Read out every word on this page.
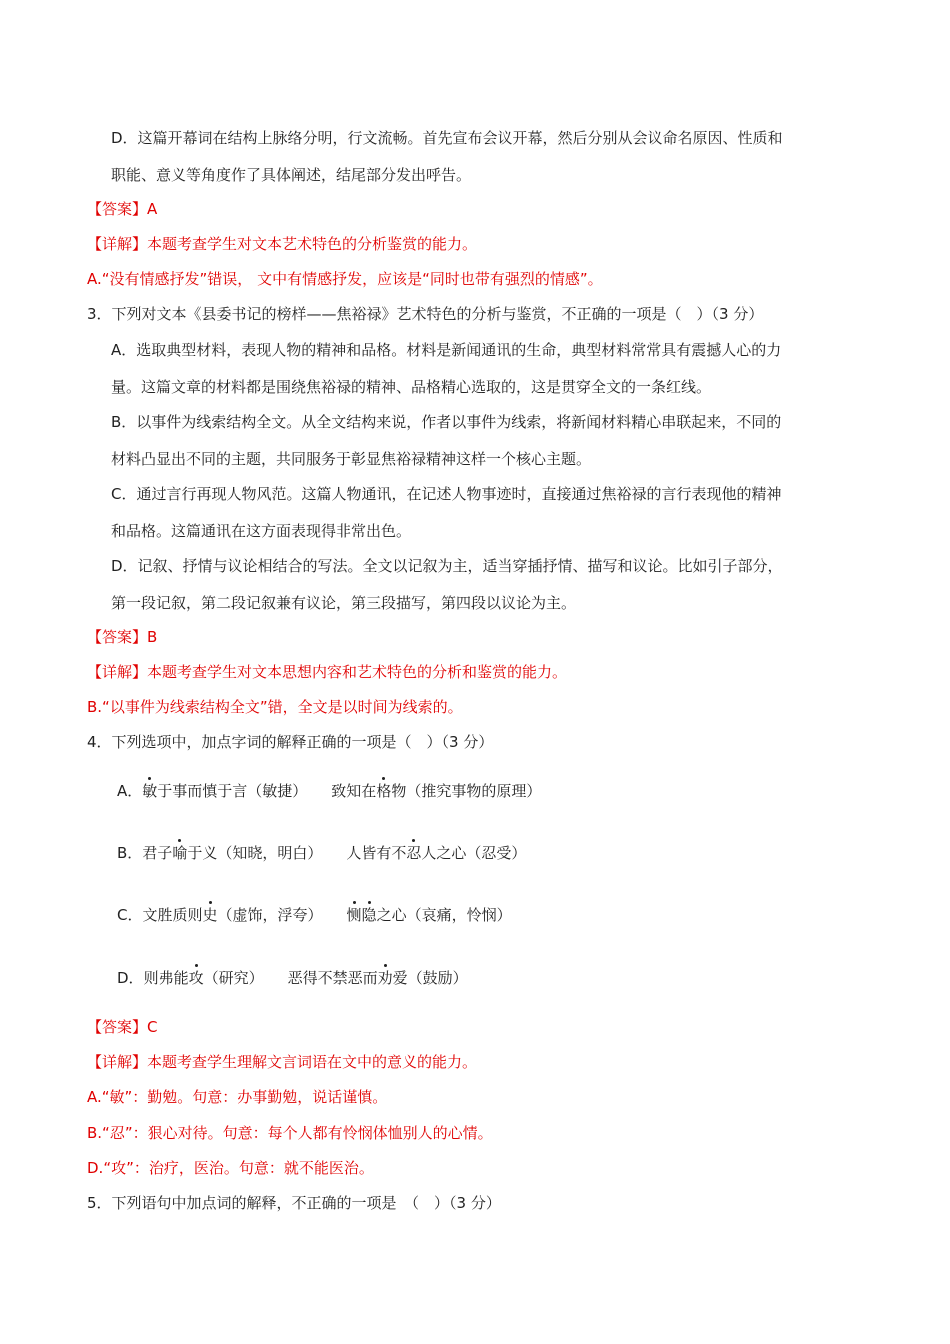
D．这篇开幕词在结构上脉络分明，行文流畅。首先宣布会议开幕，然后分别从会议命名原因、性质和
职能、意义等角度作了具体阐述，结尾部分发出呼告。
【答案】A
【详解】本题考查学生对文本艺术特色的分析鉴赏的能力。
A.“没有情感抒发”错误， 文中有情感抒发，应该是“同时也带有强烈的情感”。
3．下列对文本《县委书记的榜样——焦裕禄》艺术特色的分析与鉴赏，不正确的一项是（　）（3 分）
A．选取典型材料，表现人物的精神和品格。材料是新闻通讯的生命，典型材料常常具有震撼人心的力
量。这篇文章的材料都是围绕焦裕禄的精神、品格精心选取的，这是贯穿全文的一条红线。
B．以事件为线索结构全文。从全文结构来说，作者以事件为线索，将新闻材料精心串联起来，不同的
材料凸显出不同的主题，共同服务于彰显焦裕禄精神这样一个核心主题。
C．通过言行再现人物风范。这篇人物通讯，在记述人物事迹时，直接通过焦裕禄的言行表现他的精神
和品格。这篇通讯在这方面表现得非常出色。
D．记叙、抒情与议论相结合的写法。全文以记叙为主，适当穿插抒情、描写和议论。比如引子部分，
第一段记叙，第二段记叙兼有议论，第三段描写，第四段以议论为主。
【答案】B
【详解】本题考查学生对文本思想内容和艺术特色的分析和鉴赏的能力。
B.“以事件为线索结构全文”错，全文是以时间为线索的。
4．下列选项中，加点字词的解释正确的一项是（　）（3 分）
A．敏于事而慎于言（敏捷） 致知在格物（推究事物的原理）
B．君子喻于义（知晓，明白） 人皆有不忍人之心（忍受）
C．文胜质则史（虚饰，浮夸） 恻隐之心（哀痛，怜悯）
D．则弗能攻（研究） 恶得不禁恶而劝爱（鼓励）
【答案】C
【详解】本题考查学生理解文言词语在文中的意义的能力。
A.“敏”：勤勉。句意：办事勤勉，说话谨慎。
B.“忍”：狠心对待。句意：每个人都有怜悯体恤别人的心情。
D.“攻”：治疗，医治。句意：就不能医治。
5．下列语句中加点词的解释，不正确的一项是　（　）（3 分）
